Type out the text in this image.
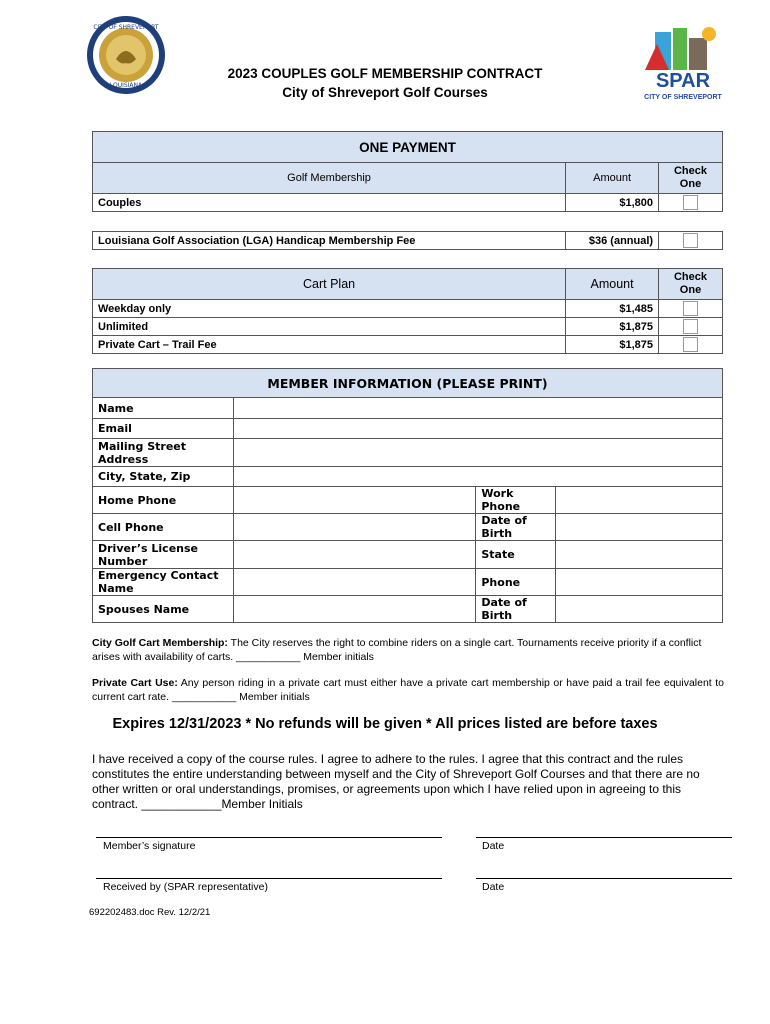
CITY OF SHREVEPORT
LOUISIANA	SPAR
CITY OF SHREVEPORT
2023 COUPLES GOLF MEMBERSHIP CONTRACT
City of Shreveport Golf Courses
ONE PAYMENT		
Golf Membership	Amount	Check One
Couples	$1,800	
Louisiana Golf Association (LGA) Handicap Membership Fee	$36 (annual)	
Cart Plan	Amount	Check One
Weekday only	$1,485	
Unlimited	$1,875	
Private Cart – Trail Fee	$1,875	
MEMBER INFORMATION (PLEASE PRINT)			
Name			
Email			
Mailing Street Address			
City, State, Zip			
Home Phone		Work Phone	
Cell Phone		Date of Birth	
Driver’s License Number		State	
Emergency Contact Name		Phone	
Spouses Name		Date of Birth	
City Golf Cart Membership: The City reserves the right to combine riders on a single cart. Tournaments receive priority if a conflict arises with availability of carts. ___________ Member initials
Private Cart Use: Any person riding in a private cart must either have a private cart membership or have paid a trail fee equivalent to current cart rate. ___________ Member initials
Expires 12/31/2023 * No refunds will be given * All prices listed are before taxes
I have received a copy of the course rules. I agree to adhere to the rules. I agree that this contract and the rules constitutes the entire understanding between myself and the City of Shreveport Golf Courses and that there are no other written or oral understandings, promises, or agreements upon which I have relied upon in agreeing to this contract. ____________Member Initials
Member’s signature	Date
Received by (SPAR representative)	Date
692202483.doc Rev. 12/2/21
